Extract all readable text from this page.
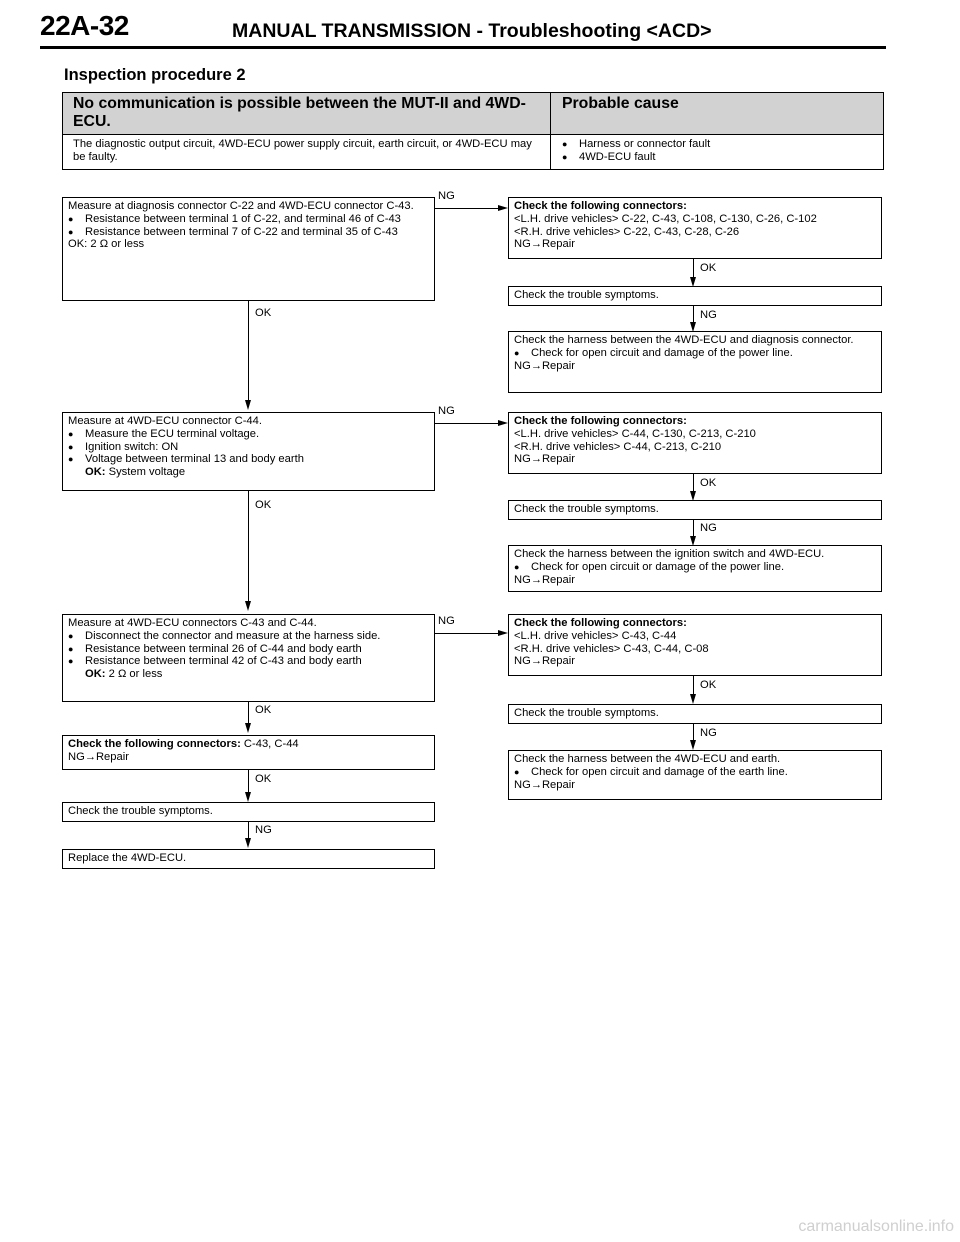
22A-32	MANUAL TRANSMISSION - Troubleshooting <ACD>
Inspection procedure 2
No communication is possible between the MUT-II and 4WD-ECU.
Probable cause
The diagnostic output circuit, 4WD-ECU power supply circuit, earth circuit, or 4WD-ECU may be faulty.

● Harness or connector fault

● 4WD-ECU fault

Measure at diagnosis connector C-22 and 4WD-ECU connector C-43.

● Resistance between terminal 1 of C-22, and terminal 46 of C-43

● Resistance between terminal 7 of C-22 and terminal 35 of C-43

OK: 2 Ω or less

NG

Check the following connectors:

<L.H. drive vehicles> C-22, C-43, C-108, C-130, C-26, C-102

<R.H. drive vehicles> C-22, C-43, C-28, C-26

NG→Repair

OK
Check the trouble symptoms.
NG

Check the harness between the 4WD-ECU and diagnosis connector.

● Check for open circuit and damage of the power line.

NG→Repair

OK

Measure at 4WD-ECU connector C-44.

● Measure the ECU terminal voltage.

● Ignition switch: ON

● Voltage between terminal 13 and body earth

OK: System voltage

NG

Check the following connectors:

<L.H. drive vehicles> C-44, C-130, C-213, C-210

<R.H. drive vehicles> C-44, C-213, C-210

NG→Repair

OK
Check the trouble symptoms.
NG

Check the harness between the ignition switch and 4WD-ECU.

● Check for open circuit or damage of the power line.

NG→Repair

OK

Measure at 4WD-ECU connectors C-43 and C-44.

● Disconnect the connector and measure at the harness side.

● Resistance between terminal 26 of C-44 and body earth

● Resistance between terminal 42 of C-43 and body earth

OK: 2 Ω or less

NG	Check the following connectors:

<L.H. drive vehicles> C-43, C-44

<R.H. drive vehicles> C-43, C-44, C-08

NG→Repair

OK
Check the trouble symptoms.
NG

Check the harness between the 4WD-ECU and earth.

● Check for open circuit and damage of the earth line.

NG→Repair

OK

Check the following connectors: C-43, C-44

NG→Repair

OK
Check the trouble symptoms.
NG
Replace the 4WD-ECU.
carmanualsonline.info
